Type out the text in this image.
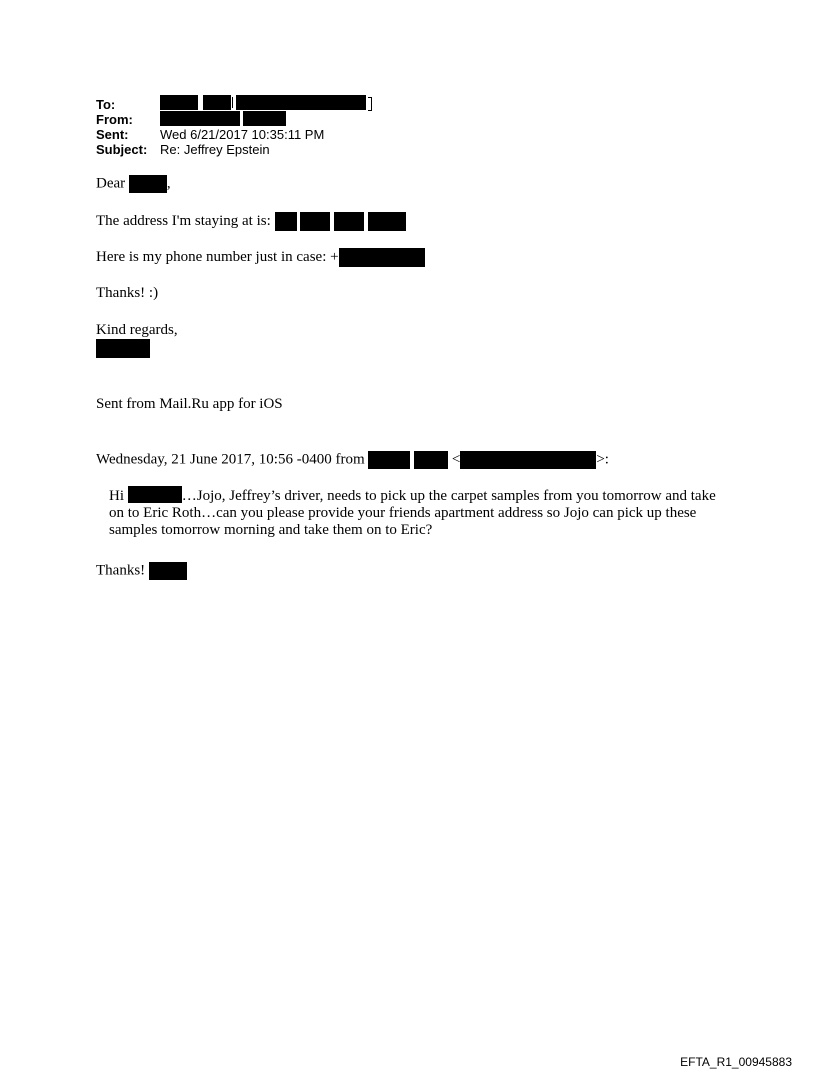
To:
From:
Sent: Wed 6/21/2017 10:35:11 PM
Subject: Re: Jeffrey Epstein
Dear	,
The address I'm staying at is:
Here is my phone number just in case: +
Thanks! :)
Kind regards,
Sent from Mail.Ru app for iOS
Wednesday, 21 June 2017, 10:56 -0400 from	<	>:
Hi	…Jojo, Jeffrey’s driver, needs to pick up the carpet samples from you tomorrow and take on to Eric Roth…can you please provide your friends apartment address so Jojo can pick up these samples tomorrow morning and take them on to Eric?
Thanks!
EFTA_R1_00945883
